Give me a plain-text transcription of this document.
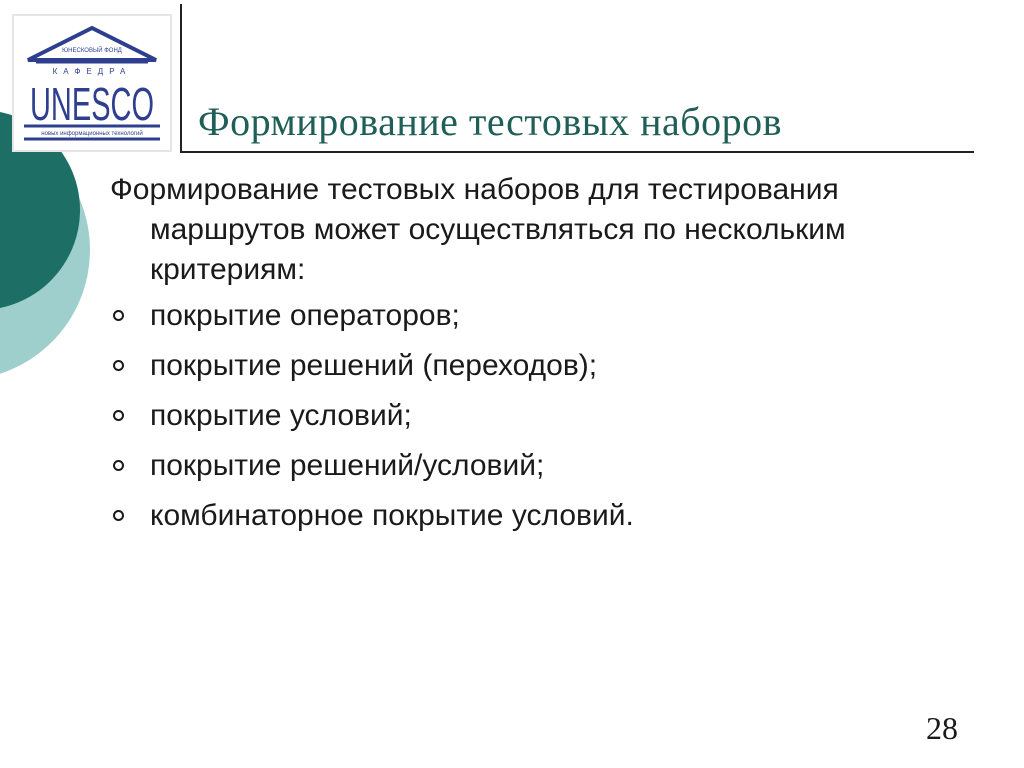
ЮНЕСКОВЫЙ ФОНД
КАФЕДРА
UNESCO
новых информационных технологий Формирование тестовых наборов

Формирование тестовых наборов для тестирования
маршрутов может осуществляться по нескольким
критериям:

покрытие операторов;
покрытие решений (переходов);
покрытие условий;
покрытие решений/условий;
комбинаторное покрытие условий.
28
